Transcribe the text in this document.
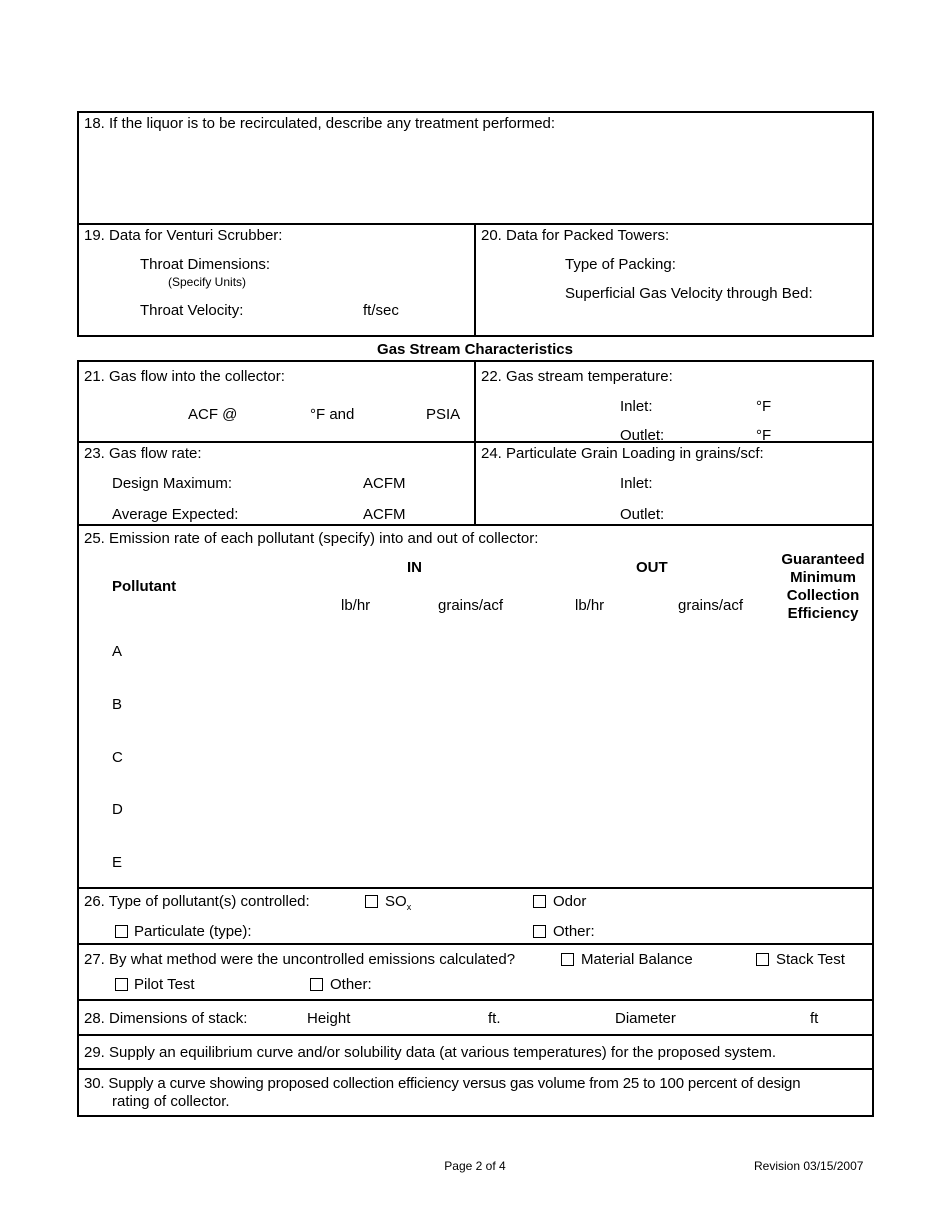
18. If the liquor is to be recirculated, describe any treatment performed:
19. Data for Venturi Scrubber:
Throat Dimensions:
(Specify Units)
Throat Velocity:	ft/sec
20. Data for Packed Towers:
Type of Packing:
Superficial Gas Velocity through Bed:
Gas Stream Characteristics
21. Gas flow into the collector:
ACF @	°F and	PSIA
22. Gas stream temperature:
Inlet:	°F
Outlet:	°F
23. Gas flow rate:
Design Maximum:	ACFM
Average Expected:	ACFM
24. Particulate Grain Loading in grains/scf:
Inlet:
Outlet:
25. Emission rate of each pollutant (specify) into and out of collector:
Pollutant
IN	OUT
lb/hr	grains/acf	lb/hr	grains/acf
Guaranteed
Minimum
Collection
Efficiency
A
B
C
D
E
26. Type of pollutant(s) controlled:	$SO_x$	Odor
Particulate (type):	Other:
27. By what method were the uncontrolled emissions calculated?	Material Balance	Stack Test
Pilot Test	Other:
28. Dimensions of stack:	Height	ft.	Diameter	ft
29. Supply an equilibrium curve and/or solubility data (at various temperatures) for the proposed system.
30. Supply a curve showing proposed collection efficiency versus gas volume from 25 to 100 percent of design
rating of collector.
Page 2 of 4	Revision 03/15/2007
